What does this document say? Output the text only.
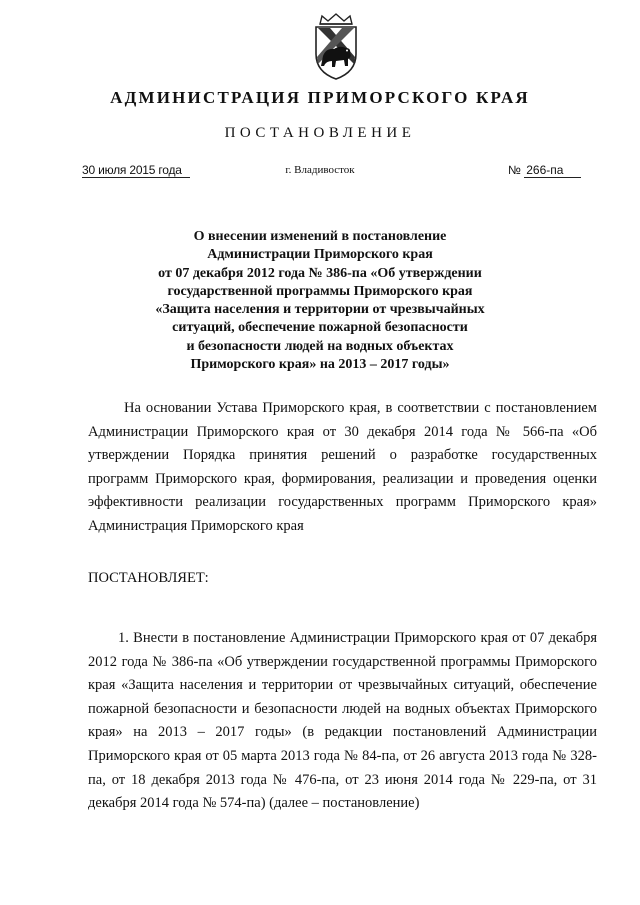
АДМИНИСТРАЦИЯ ПРИМОРСКОГО КРАЯ
ПОСТАНОВЛЕНИЕ
30 июля 2015 года	г. Владивосток	№ 266-па
О внесении изменений в постановление
Администрации Приморского края
от 07 декабря 2012 года № 386-па «Об утверждении
государственной программы Приморского края
«Защита населения и территории от чрезвычайных
ситуаций, обеспечение пожарной безопасности
и безопасности людей на водных объектах
Приморского края» на 2013 – 2017 годы»
На основании Устава Приморского края, в соответствии с постановлением Администрации Приморского края от 30 декабря 2014 года № 566-па «Об утверждении Порядка принятия решений о разработке государственных программ Приморского края, формирования, реализации и проведения оценки эффективности реализации государственных программ Приморского края» Администрация Приморского края
ПОСТАНОВЛЯЕТ:
1. Внести в постановление Администрации Приморского края от 07 декабря 2012 года № 386-па «Об утверждении государственной программы Приморского края «Защита населения и территории от чрезвычайных ситуаций, обеспечение пожарной безопасности и безопасности людей на водных объектах Приморского края» на 2013 – 2017 годы» (в редакции постановлений Администрации Приморского края от 05 марта 2013 года № 84-па, от 26 августа 2013 года № 328-па, от 18 декабря 2013 года № 476-па, от 23 июня 2014 года № 229-па, от 31 декабря 2014 года № 574-па) (далее – постановление)
